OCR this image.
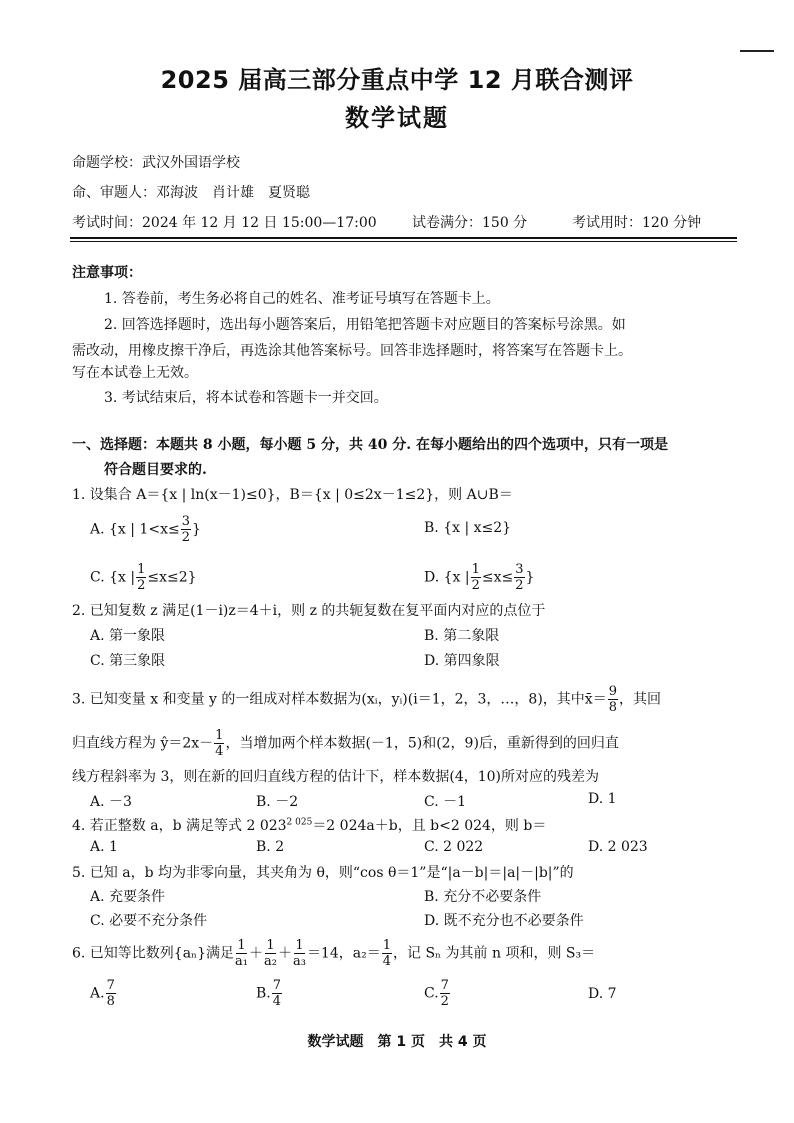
2025 届高三部分重点中学 12 月联合测评
数学试题
命题学校：武汉外国语学校
命、审题人：邓海波　肖计雄　夏贤聪
考试时间：2024 年 12 月 12 日 15:00—17:00	试卷满分：150 分	考试用时：120 分钟
注意事项：
1. 答卷前，考生务必将自己的姓名、准考证号填写在答题卡上。
2. 回答选择题时，选出每小题答案后，用铅笔把答题卡对应题目的答案标号涂黑。如
需改动，用橡皮擦干净后，再选涂其他答案标号。回答非选择题时，将答案写在答题卡上。
写在本试卷上无效。
3. 考试结束后，将本试卷和答题卡一并交回。
一、选择题：本题共 8 小题，每小题 5 分，共 40 分. 在每小题给出的四个选项中，只有一项是
符合题目要求的.
1. 设集合 A＝{x | ln(x－1)≤0}，B＝{x | 0≤2x－1≤2}，则 A∪B＝
A. {x | $1<x\le \frac{3}{2}$ }	B. {x | x≤2}
C. {x | $\frac{1}{2} \le x\le 2$}	D. {x | $\frac{1}{2} \le x\le \frac{3}{2}$ }
2. 已知复数 z 满足(1－i)z＝4＋i，则 z 的共轭复数在复平面内对应的点位于
A. 第一象限	B. 第二象限
C. 第三象限	D. 第四象限
3. 已知变量 x 和变量 y 的一组成对样本数据为(xᵢ，yᵢ)(i＝1，2，3，…，8)，其中x̄＝ $\frac{9}{8}$ ，其回
归直线方程为 ŷ＝2x－ $\frac{1}{4}$ ，当增加两个样本数据(－1，5)和(2，9)后，重新得到的回归直
线方程斜率为 3，则在新的回归直线方程的估计下，样本数据(4，10)所对应的残差为
A. －3	B. －2	C. －1	D. 1
4. 若正整数 a，b 满足等式 2 $023^{2 025}=2$ 024a＋b，且 b<2 024，则 b＝
A. 1	B. 2	C. 2 022	D. 2 023
5. 已知 a，b 均为非零向量，其夹角为 θ，则“cos θ＝1”是“|a－b|＝|a|－|b|”的
A. 充要条件	B. 充分不必要条件
C. 必要不充分条件	D. 既不充分也不必要条件
6. 已知等比数列{aₙ}满足 $\frac{1}{\text{a₁}} + \frac{1}{\text{a₂}} + \frac{1}{\text{a₃}} =14$，$a_2= \frac{1}{4}$ ，记 Sₙ 为其前 n 项和，则 S₃＝
A. $\frac{7}{8}$	B. $\frac{7}{4}$	C. $\frac{7}{2}$	D. 7
数学试题　第 1 页　共 4 页
